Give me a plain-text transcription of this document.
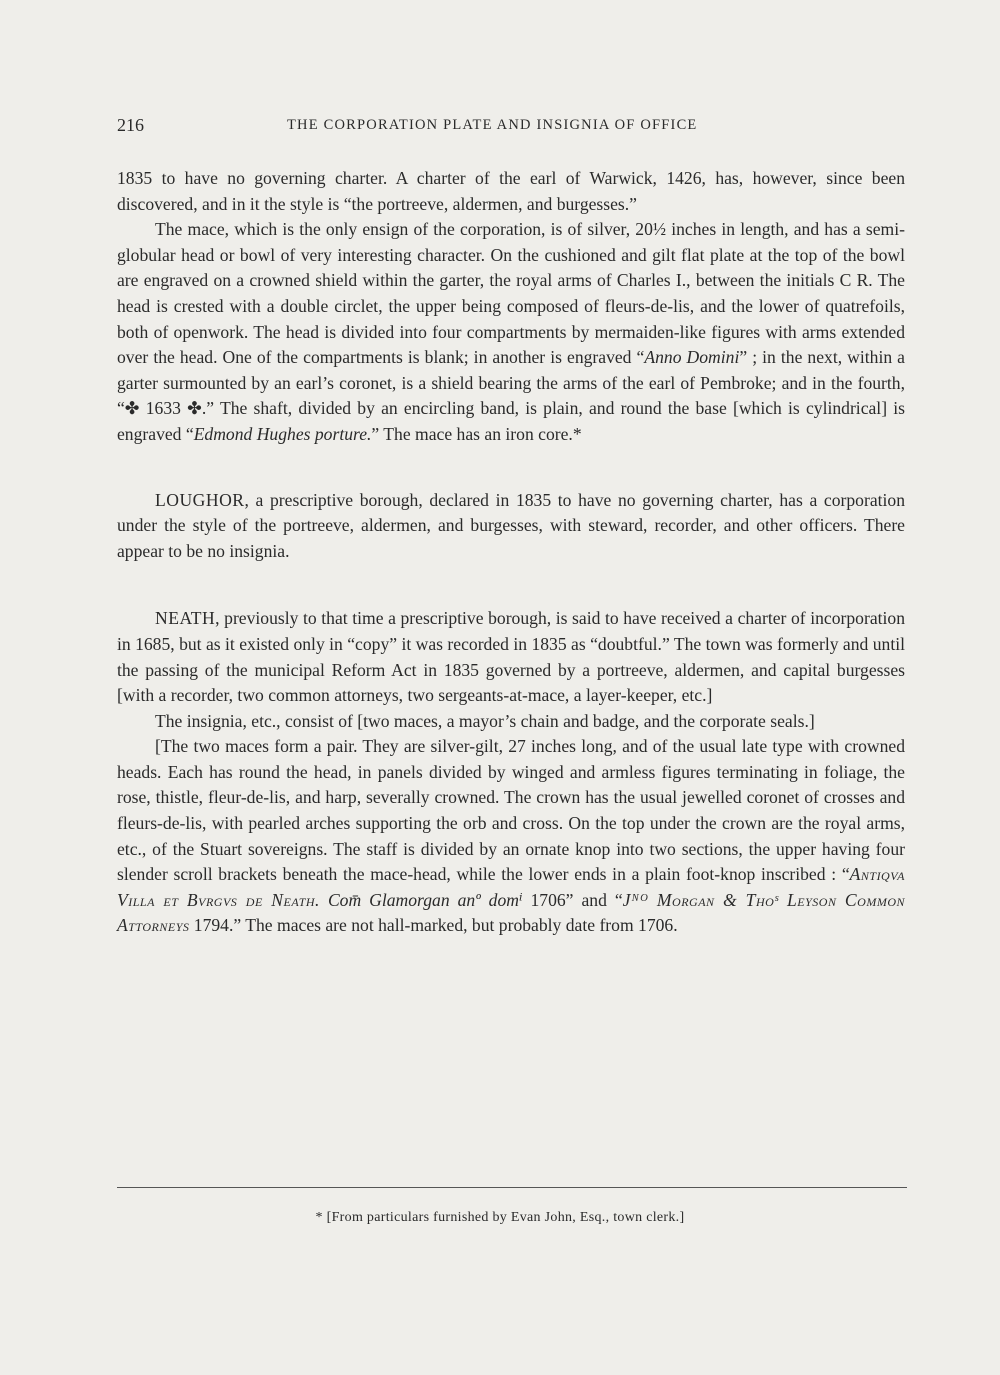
216	THE CORPORATION PLATE AND INSIGNIA OF OFFICE

1835 to have no governing charter. A charter of the earl of Warwick, 1426, has, however, since been discovered, and in it the style is “the portreeve, aldermen, and burgesses.”

The mace, which is the only ensign of the corporation, is of silver, 20½ inches in length, and has a semi-globular head or bowl of very interesting character. On the cushioned and gilt flat plate at the top of the bowl are engraved on a crowned shield within the garter, the royal arms of Charles I., between the initials C R. The head is crested with a double circlet, the upper being composed of fleurs-de-lis, and the lower of quatrefoils, both of openwork. The head is divided into four compartments by mermaiden-like figures with arms extended over the head. One of the compartments is blank; in another is engraved “Anno Domini” ; in the next, within a garter surmounted by an earl’s coronet, is a shield bearing the arms of the earl of Pembroke; and in the fourth, “✤ 1633 ✤.” The shaft, divided by an encircling band, is plain, and round the base [which is cylindrical] is engraved “Edmond Hughes porture.” The mace has an iron core.*

LOUGHOR, a prescriptive borough, declared in 1835 to have no governing charter, has a corporation under the style of the portreeve, aldermen, and burgesses, with steward, recorder, and other officers. There appear to be no insignia.

NEATH, previously to that time a prescriptive borough, is said to have received a charter of incorporation in 1685, but as it existed only in “copy” it was recorded in 1835 as “doubtful.” The town was formerly and until the passing of the municipal Reform Act in 1835 governed by a portreeve, aldermen, and capital burgesses [with a recorder, two common attorneys, two sergeants-at-mace, a layer-keeper, etc.]

The insignia, etc., consist of [two maces, a mayor’s chain and badge, and the corporate seals.]

[The two maces form a pair. They are silver-gilt, 27 inches long, and of the usual late type with crowned heads. Each has round the head, in panels divided by winged and armless figures terminating in foliage, the rose, thistle, fleur-de-lis, and harp, severally crowned. The crown has the usual jewelled coronet of crosses and fleurs-de-lis, with pearled arches supporting the orb and cross. On the top under the crown are the royal arms, etc., of the Stuart sovereigns. The staff is divided by an ornate knop into two sections, the upper having four slender scroll brackets beneath the mace-head, while the lower ends in a plain foot-knop inscribed : “Antiqva Villa et Bvrgvs de Neath. Com̄ Glamorgan anº domⁱ 1706” and “Jᴺᴼ Morgan & Thoˢ Leyson Common Attorneys 1794.” The maces are not hall-marked, but probably date from 1706.

* [From particulars furnished by Evan John, Esq., town clerk.]
